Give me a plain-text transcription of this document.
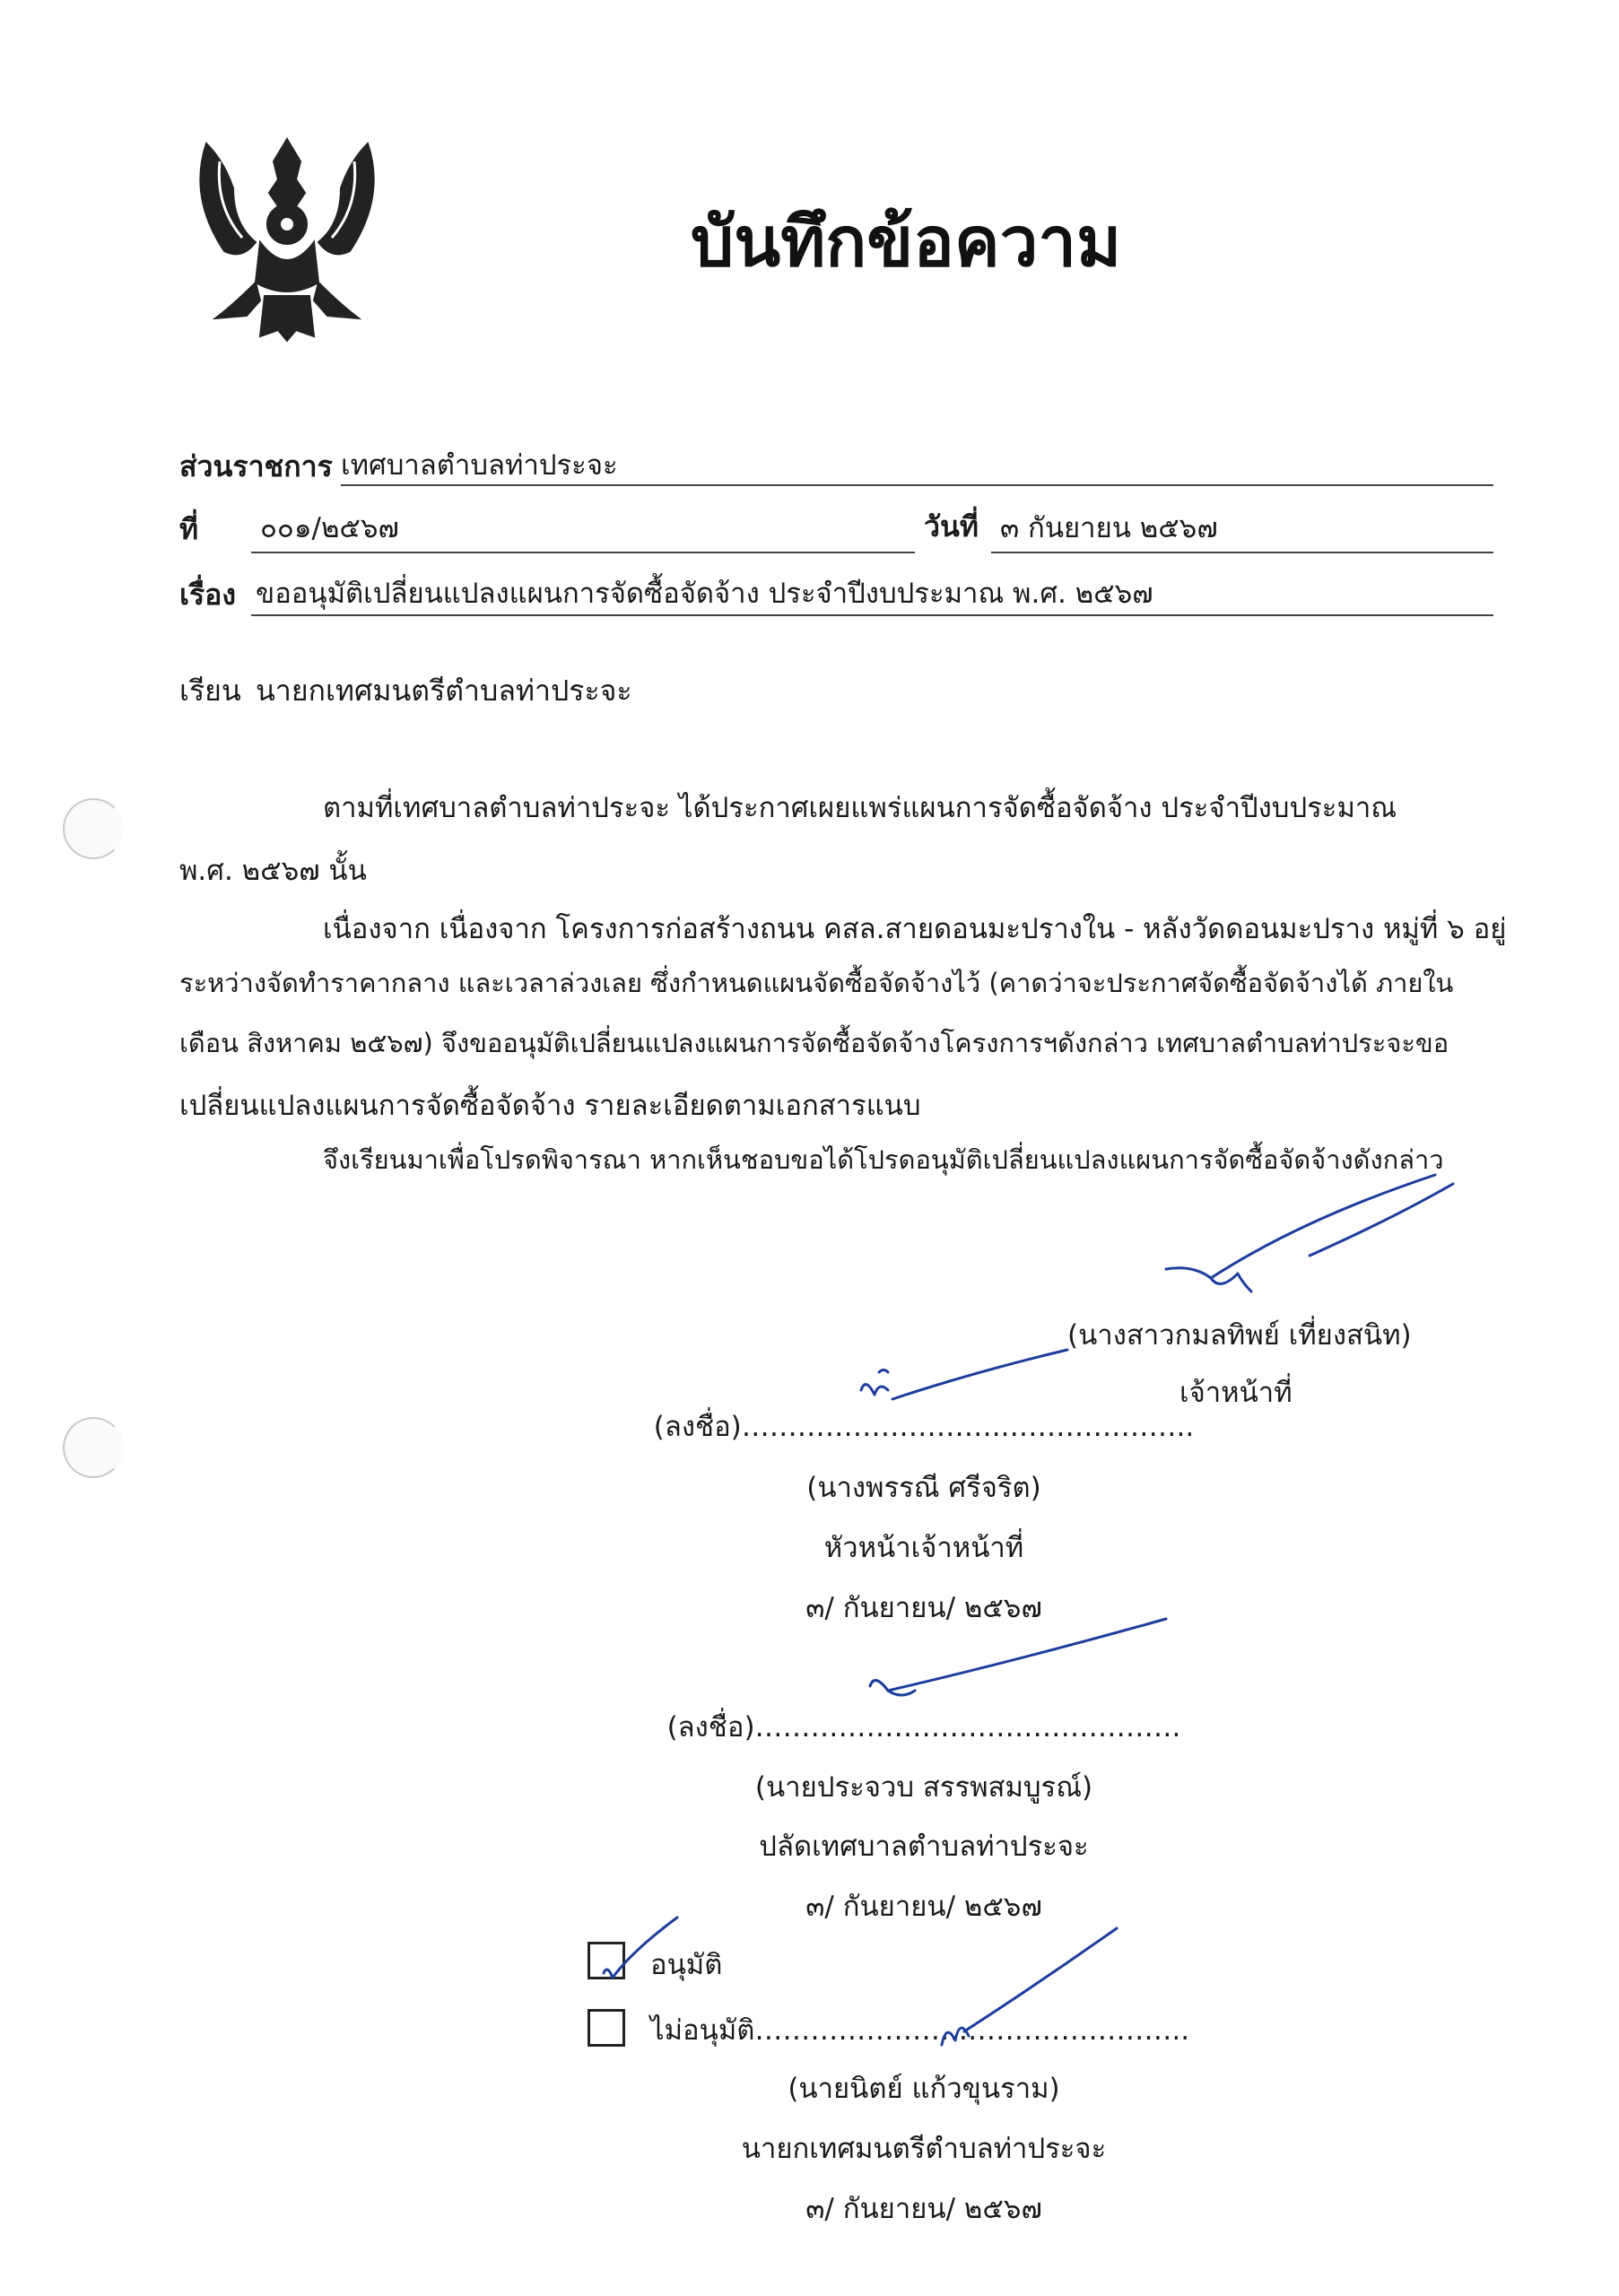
บันทึกข้อความ
ส่วนราชการ เทศบาลตำบลท่าประจะ
ที่ ๐๐๑/๒๕๖๗	วันที่ ๓ กันยายน ๒๕๖๗
เรื่อง ขออนุมัติเปลี่ยนแปลงแผนการจัดซื้อจัดจ้าง ประจำปีงบประมาณ พ.ศ. ๒๕๖๗
เรียน นายกเทศมนตรีตำบลท่าประจะ
ตามที่เทศบาลตำบลท่าประจะ ได้ประกาศเผยแพร่แผนการจัดซื้อจัดจ้าง ประจำปีงบประมาณ
พ.ศ. ๒๕๖๗ นั้น
เนื่องจาก เนื่องจาก โครงการก่อสร้างถนน คสล.สายดอนมะปรางใน - หลังวัดดอนมะปราง หมู่ที่ ๖ อยู่
ระหว่างจัดทำราคากลาง และเวลาล่วงเลย ซึ่งกำหนดแผนจัดซื้อจัดจ้างไว้ (คาดว่าจะประกาศจัดซื้อจัดจ้างได้ ภายใน
เดือน สิงหาคม ๒๕๖๗) จึงขออนุมัติเปลี่ยนแปลงแผนการจัดซื้อจัดจ้างโครงการฯดังกล่าว เทศบาลตำบลท่าประจะขอ
เปลี่ยนแปลงแผนการจัดซื้อจัดจ้าง รายละเอียดตามเอกสารแนบ
จึงเรียนมาเพื่อโปรดพิจารณา หากเห็นชอบขอได้โปรดอนุมัติเปลี่ยนแปลงแผนการจัดซื้อจัดจ้างดังกล่าว
(นางสาวกมลทิพย์ เที่ยงสนิท)
เจ้าหน้าที่
(ลงชื่อ)………………………..………………..
(นางพรรณี ศรีจริต)
หัวหน้าเจ้าหน้าที่
๓/ กันยายน/ ๒๕๖๗
(ลงชื่อ)……………………………………….
(นายประจวบ สรรพสมบูรณ์)
ปลัดเทศบาลตำบลท่าประจะ
๓/ กันยายน/ ๒๕๖๗
อนุมัติ
ไม่อนุมัติ………………………………………..
(นายนิตย์ แก้วขุนราม)
นายกเทศมนตรีตำบลท่าประจะ
๓/ กันยายน/ ๒๕๖๗
